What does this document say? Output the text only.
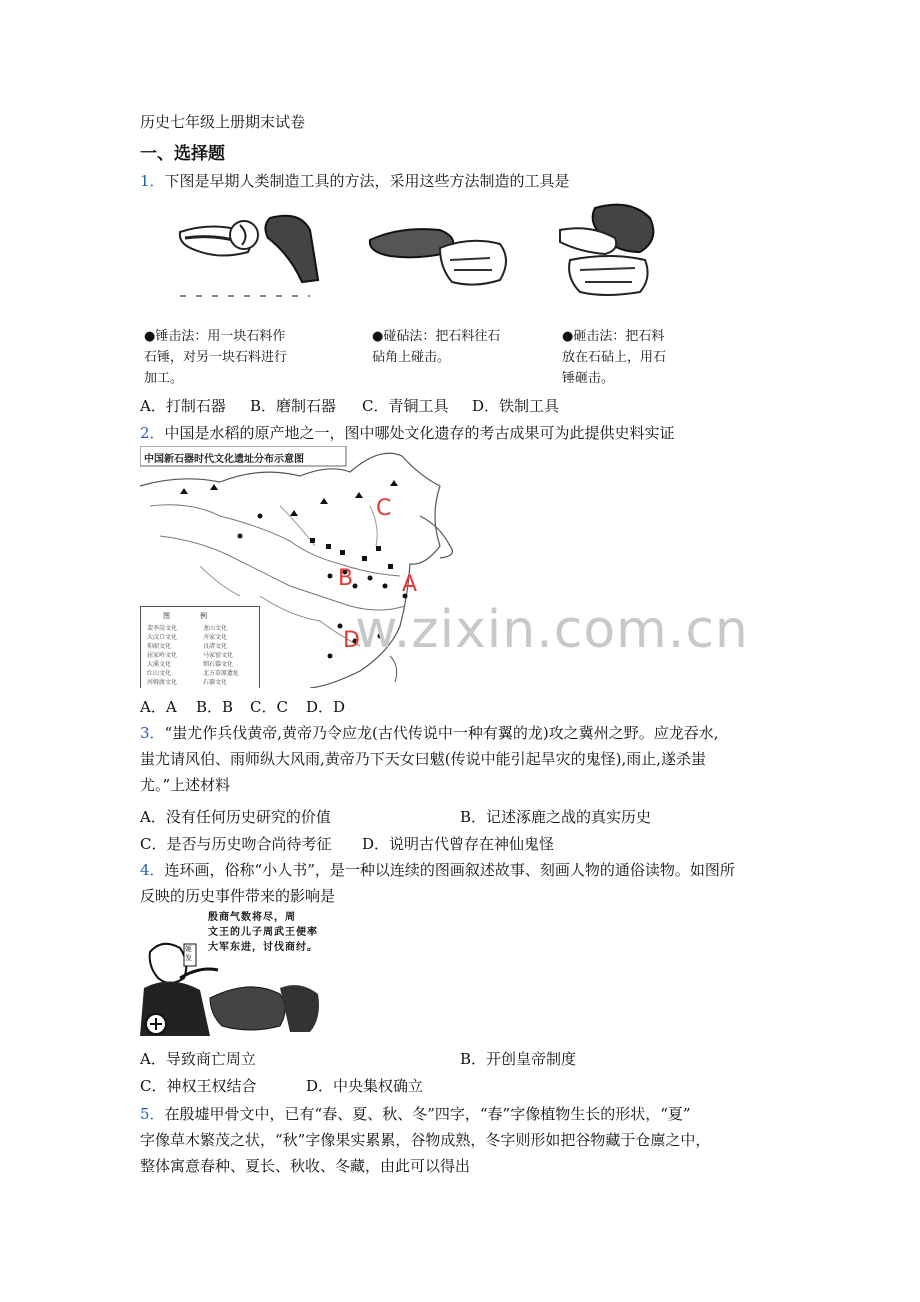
历史七年级上册期末试卷
一、选择题
1．下图是早期人类制造工具的方法，采用这些方法制造的工具是
●锤击法：用一块石料作
石锤，对另一块石料进行
加工。
●碰砧法：把石料往石
砧角上碰击。
●砸击法：把石料
放在石砧上，用石
锤砸击。
A．打制石器 B．磨制石器 C．青铜工具 D．铁制工具
2．中国是水稻的原产地之一，图中哪处文化遗存的考古成果可为此提供史料实证
中国新石器时代文化遗址分布示意图
A
B
C
D
图例
裴李岗文化
大汶口文化
仰韶文化
屈家岭文化
大溪文化
红山文化
河姆渡文化
龙山文化
齐家文化
良渚文化
马家窑文化
细石器文化
北方草原遗址
石器文化
A．A B．B C．C D．D
3．“蚩尤作兵伐黄帝,黄帝乃令应龙(古代传说中一种有翼的龙)攻之冀州之野。应龙吞水,
蚩尤请风伯、雨师纵大风雨,黄帝乃下天女曰魃(传说中能引起旱灾的鬼怪),雨止,遂杀蚩
尤。”上述材料
A．没有任何历史研究的价值	B．记述涿鹿之战的真实历史
C．是否与历史吻合尚待考征 D．说明古代曾存在神仙鬼怪
4．连环画，俗称“小人书”，是一种以连续的图画叙述故事、刻画人物的通俗读物。如图所
反映的历史事件带来的影响是
殷商气数将尽，周
文王的儿子周武王便率
大军东进，讨伐商纣。
姬发
A．导致商亡周立	B．开创皇帝制度
C．神权王权结合	D．中央集权确立
5．在殷墟甲骨文中，已有“春、夏、秋、冬”四字，“春”字像植物生长的形状，“夏”
字像草木繁茂之状，“秋”字像果实累累，谷物成熟，冬字则形如把谷物藏于仓廪之中，
整体寓意春种、夏长、秋收、冬藏，由此可以得出
w.zixin.com.cn
